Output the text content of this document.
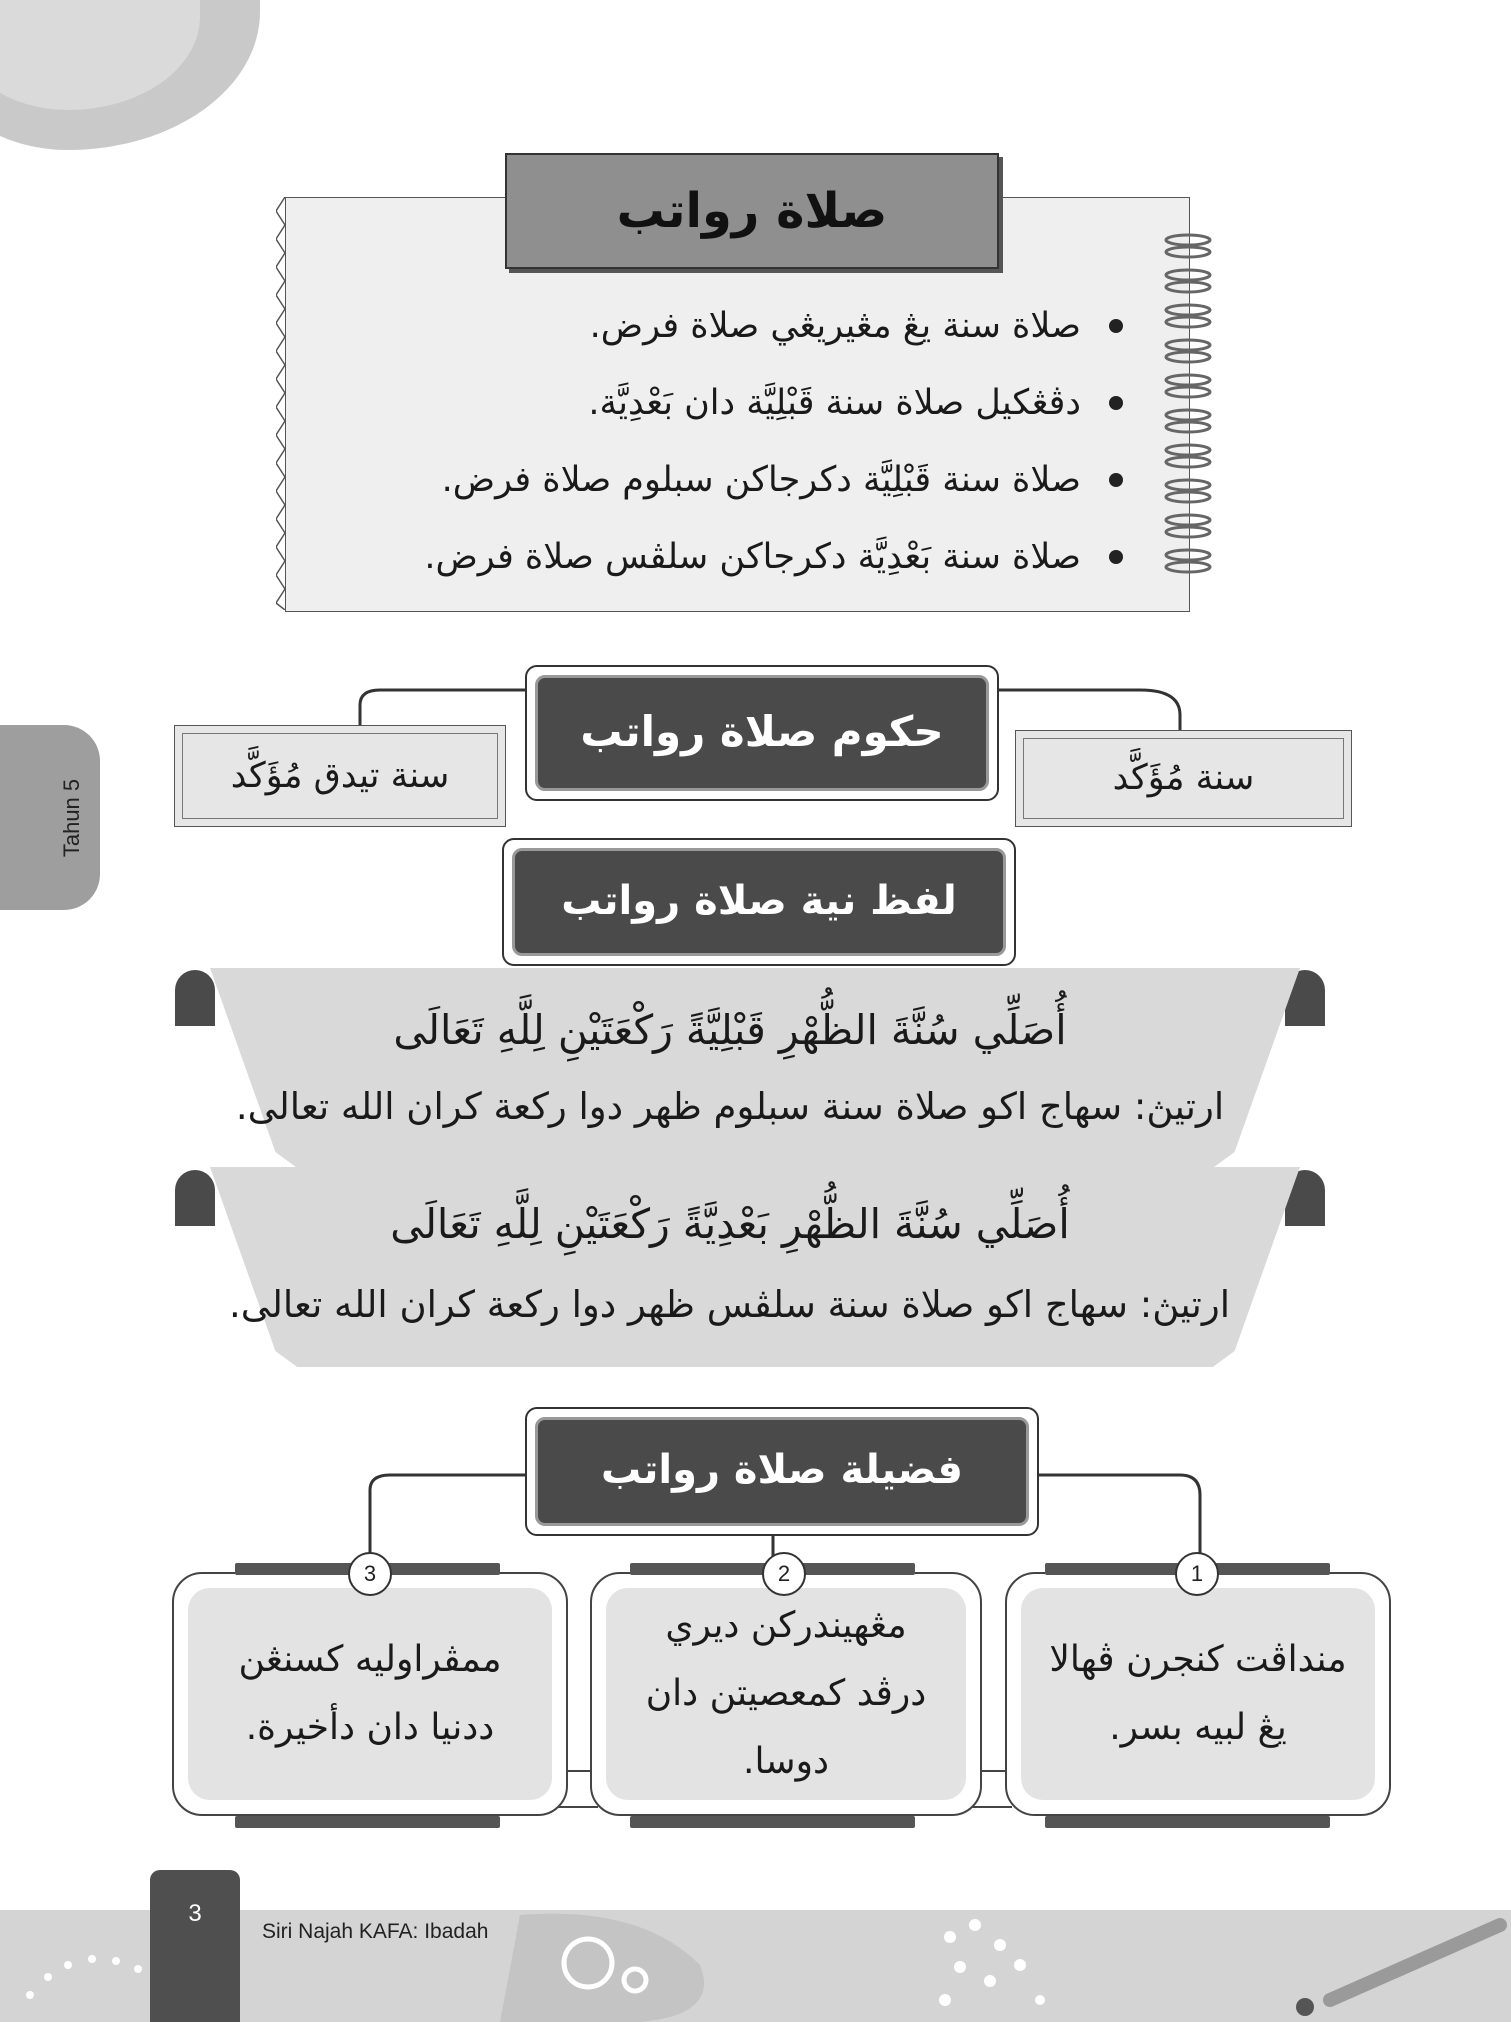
Tahun 5
صلاة رواتب
صلاة سنة يڠ مڠيريڠي صلاة فرض.
دڤڠکيل صلاة سنة قَبْلِيَّة دان بَعْدِيَّة.
صلاة سنة قَبْلِيَّة دکرجاکن سبلوم صلاة فرض.
صلاة سنة بَعْدِيَّة دکرجاکن سلڤس صلاة فرض.
سنة تيدق مُؤَکَّد	سنة مُؤَکَّد
حکوم صلاة رواتب
لفظ نية صلاة رواتب
أُصَلِّي سُنَّةَ الظُّهْرِ قَبْلِيَّةً رَكْعَتَيْنِ لِلَّهِ تَعَالَى
ارتيڽ: سهاج اکو صلاة سنة سبلوم ظهر دوا رکعة کران الله تعالى.
أُصَلِّي سُنَّةَ الظُّهْرِ بَعْدِيَّةً رَكْعَتَيْنِ لِلَّهِ تَعَالَى
ارتيڽ: سهاج اکو صلاة سنة سلڤس ظهر دوا رکعة کران الله تعالى.
فضيلة صلاة رواتب
منداڤت کنجرن ڤهالا
يڠ لبيه بسر.
1
مڠهيندرکن ديري
درڤد کمعصيتن دان
دوسا.
2
ممڤراوليه کسنڠن
ددنيا دان دأخيرة.
3
3
Siri Najah KAFA: Ibadah
